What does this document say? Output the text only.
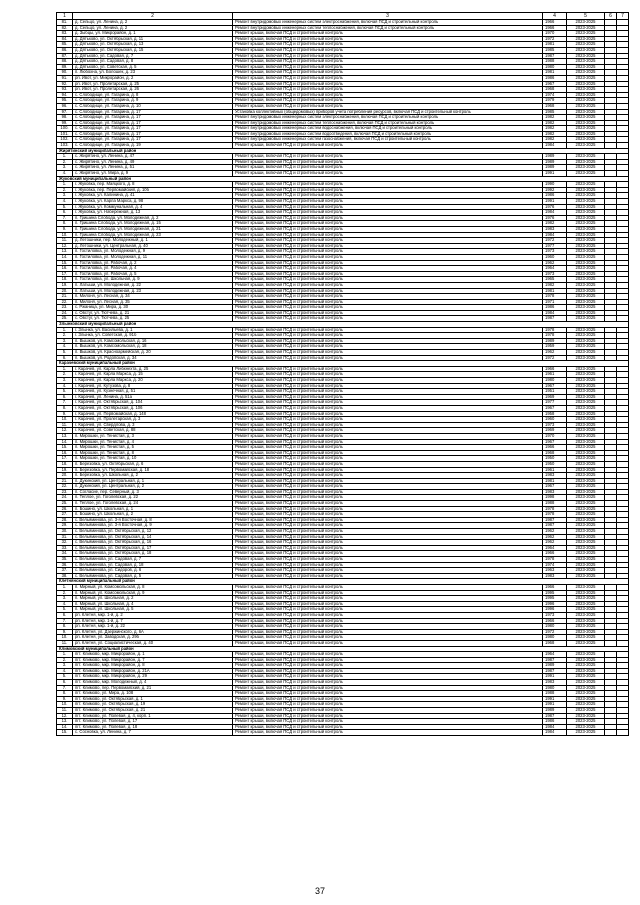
1	2	3	4	5	6	7
81.	д. Сельцо, ул. Ленина, д. 2	Ремонт внутридомовых инженерных систем электроснабжения, включая ПСД и строительный контроль	1966	2023-2025		
82.	д. Сельцо, ул. Ленина, д. 2	Ремонт внутридомовых инженерных систем теплоснабжения, включая ПСД и строительный контроль	1966	2023-2025		
83.	д. Зыбцы, ул. Микрорайон, д. 1	Ремонт крыши, включая ПСД и строительный контроль	1970	2023-2025		
84.	д. Дятьково, ул. Октябрьская, д. 11	Ремонт крыши, включая ПСД и строительный контроль	1972	2023-2025		
85.	д. Дятьково, ул. Октябрьская, д. 13	Ремонт крыши, включая ПСД и строительный контроль	1981	2023-2025		
86.	д. Дятьково, ул. Октябрьская, д. 15	Ремонт крыши, включая ПСД и строительный контроль	1985	2023-2025		
87.	д. Дятьково, ул. Садовая, д. 7	Ремонт крыши, включая ПСД и строительный контроль	1987	2023-2025		
88.	д. Дятьково, ул. Садовая, д. 8	Ремонт крыши, включая ПСД и строительный контроль	1988	2023-2025		
89.	д. Дятьково, ул. Советская, д. 5	Ремонт крыши, включая ПСД и строительный контроль	1980	2023-2025		
90.	п. Любохна, ул. Болошек, д. 23	Ремонт крыши, включая ПСД и строительный контроль	1981	2023-2025		
91.	рп. Ивот, ул. Микрорайон, д. 2	Ремонт крыши, включая ПСД и строительный контроль	1986	2023-2025		
92.	рп. Ивот, ул. Пролетарская, д. 25	Ремонт крыши, включая ПСД и строительный контроль	1967	2023-2025		
93.	рп. Ивот, ул. Пролетарская, д. 26	Ремонт крыши, включая ПСД и строительный контроль	1968	2023-2025		
94.	с. Слободище, ул. Гагарина, д. 8	Ремонт крыши, включая ПСД и строительный контроль	1974	2023-2025		
95.	с. Слободище, ул. Гагарина, д. 9	Ремонт крыши, включая ПСД и строительный контроль	1979	2023-2025		
96.	с. Слободище, ул. Гагарина, д. 10	Ремонт крыши, включая ПСД и строительный контроль	1968	2023-2025		
97.	с. Слободище, ул. Гагарина, д. 17	Установка коллективных (общедомовых) приборов учета потребления ресурсов, включая ПСД и строительный контроль	1985	2023-2025		
98.	с. Слободище, ул. Гагарина, д. 17	Ремонт внутридомовых инженерных систем электроснабжения, включая ПСД и строительный контроль	1982	2023-2025		
99.	с. Слободище, ул. Гагарина, д. 17	Ремонт внутридомовых инженерных систем теплоснабжения, включая ПСД и строительный контроль	1982	2023-2025		
100.	с. Слободище, ул. Гагарина, д. 17	Ремонт внутридомовых инженерных систем водоснабжения, включая ПСД и строительный контроль	1982	2023-2025		
101.	с. Слободище, ул. Гагарина, д. 17	Ремонт внутридомовых инженерных систем водоотведения, включая ПСД и строительный контроль	1982	2023-2025		
102.	с. Слободище, ул. Гагарина, д. 17	Ремонт внутридомовых инженерных систем газоснабжения, включая ПСД и строительный контроль	1982	2023-2025		
103.	с. Слободище, ул. Гагарина, д. 19	Ремонт крыши, включая ПСД и строительный контроль	1984	2023-2025		
Жирятинский муниципальный район						
1.	с. Жирятино, ул. Ленина, д. 47	Ремонт крыши, включая ПСД и строительный контроль	1989	2023-2025		
2.	с. Жирятино, ул. Ленина, д. 49	Ремонт крыши, включая ПСД и строительный контроль	1989	2023-2025		
3.	с. Жирятино, ул. Ленина, д. 51	Ремонт крыши, включая ПСД и строительный контроль	1989	2023-2025		
4.	с. Жирятино, ул. Мира, д. 9	Ремонт крыши, включая ПСД и строительный контроль	1991	2023-2025		
Жуковский муниципальный район						
1.	г. Жуковка, пер. Маяцкого, д. 8	Ремонт крыши, включая ПСД и строительный контроль	1990	2023-2025		
2.	г. Жуковка, пер. Первомайский, д. 10б	Ремонт крыши, включая ПСД и строительный контроль	1992	2023-2025		
3.	г. Жуковка, ул. Калинина, д. 41	Ремонт крыши, включая ПСД и строительный контроль	1986	2023-2025		
4.	г. Жуковка, ул. Карла Маркса, д. 98	Ремонт крыши, включая ПСД и строительный контроль	1991	2023-2025		
5.	г. Жуковка, ул. Коммунальная, д. 4	Ремонт крыши, включая ПСД и строительный контроль	1976	2023-2025		
6.	г. Жуковка, ул. Набережная, д. 13	Ремонт крыши, включая ПСД и строительный контроль	1984	2023-2025		
7.	п. Гришина Слобода, ул. Молодежная, д. 2	Ремонт крыши, включая ПСД и строительный контроль	1976	2023-2025		
8.	п. Гришина Слобода, ул. Молодежная, д. 15	Ремонт крыши, включая ПСД и строительный контроль	1982	2023-2025		
9.	п. Гришина Слобода, ул. Молодежная, д. 21	Ремонт крыши, включая ПСД и строительный контроль	1983	2023-2025		
10.	п. Гришина Слобода, ул. Молодежная, д. 23	Ремонт крыши, включая ПСД и строительный контроль	1984	2023-2025		
11.	д. Летошники, пер. Молодежный, д. 1	Ремонт крыши, включая ПСД и строительный контроль	1972	2023-2025		
12.	д. Летошники, ул. Центральная, д. 40	Ремонт крыши, включая ПСД и строительный контроль	1977	2023-2025		
13.	п. Гостиловка, ул. Молодежная, д. 9	Ремонт крыши, включая ПСД и строительный контроль	1973	2023-2025		
14.	п. Гостиловка, ул. Молодежная, д. 11	Ремонт крыши, включая ПСД и строительный контроль	1960	2023-2025		
15.	п. Гостиловка, ул. Рабочая, д. 2	Ремонт крыши, включая ПСД и строительный контроль	1962	2023-2025		
16.	п. Гостиловка, ул. Рабочая, д. 4	Ремонт крыши, включая ПСД и строительный контроль	1964	2023-2025		
17.	п. Гостиловка, ул. Рабочая, д. 5	Ремонт крыши, включая ПСД и строительный контроль	1973	2023-2025		
18.	п. Гостиловка, ул. Школьная, д. 9	Ремонт крыши, включая ПСД и строительный контроль	1965	2023-2025		
19.	п. Латыши, ул. Молодежная, д. 22	Ремонт крыши, включая ПСД и строительный контроль	1982	2023-2025		
20.	п. Латыши, ул. Молодежная, д. 23	Ремонт крыши, включая ПСД и строительный контроль	1981	2023-2025		
21.	п. Милоня, ул. Лесная, д. 34	Ремонт крыши, включая ПСД и строительный контроль	1978	2023-2025		
22.	п. Милоня, ул. Лесная, д. 35	Ремонт крыши, включая ПСД и строительный контроль	1971	2023-2025		
23.	с. Ржаница, ул. Мира, д. 30	Ремонт крыши, включая ПСД и строительный контроль	1986	2023-2025		
24.	с. Овстуг, ул. Тютчева, д. 21	Ремонт крыши, включая ПСД и строительный контроль	1984	2023-2025		
25.	с. Овстуг, ул. Тютчева, д. 25	Ремонт крыши, включая ПСД и строительный контроль	1987	2023-2025		
Злынковский муниципальный район						
1.	г. Злынка, ул. Васильева, д. 1	Ремонт крыши, включая ПСД и строительный контроль	1978	2023-2025		
2.	г. Злынка, ул. Советская, д. 91б	Ремонт крыши, включая ПСД и строительный контроль	1978	2023-2025		
3.	п. Вышков, ул. Комсомольская, д. 16	Ремонт крыши, включая ПСД и строительный контроль	1989	2023-2025		
4.	п. Вышков, ул. Комсомольская, д. 18	Ремонт крыши, включая ПСД и строительный контроль	1959	2023-2025		
5.	п. Вышков, ул. Красноармейская, д. 20	Ремонт крыши, включая ПСД и строительный контроль	1962	2023-2025		
6.	п. Вышков, ул. Родопская, д. 34	Ремонт крыши, включая ПСД и строительный контроль	1972	2023-2025		
Карачевский муниципальный район						
1.	г. Карачев, ул. Карла Либкнехта, д. 25	Ремонт крыши, включая ПСД и строительный контроль	1966	2023-2025		
2.	г. Карачев, ул. Карла Маркса, д. 15	Ремонт крыши, включая ПСД и строительный контроль	1961	2023-2025		
3.	г. Карачев, ул. Карла Маркса, д. 20	Ремонт крыши, включая ПСД и строительный контроль	1980	2023-2025		
4.	г. Карачев, ул. Кутузова, д. 8	Ремонт крыши, включая ПСД и строительный контроль	1967	2023-2025		
5.	г. Карачев, ул. Кузнечная, д. 51	Ремонт крыши, включая ПСД и строительный контроль	1951	2023-2025		
6.	г. Карачев, ул. Ленина, д. 51а	Ремонт крыши, включая ПСД и строительный контроль	1969	2023-2025		
7.	г. Карачев, ул. Октябрьская, д. 104	Ремонт крыши, включая ПСД и строительный контроль	1977	2023-2025		
8.	г. Карачев, ул. Октябрьская, д. 106	Ремонт крыши, включая ПСД и строительный контроль	1967	2023-2025		
9.	г. Карачев, ул. Первомайская, д. 148	Ремонт крыши, включая ПСД и строительный контроль	1958	2023-2025		
10.	г. Карачев, ул. Пролетарская, д. 3	Ремонт крыши, включая ПСД и строительный контроль	1960	2023-2025		
11.	г. Карачев, ул. Свердлова, д. 3	Ремонт крыши, включая ПСД и строительный контроль	1973	2023-2025		
12.	г. Карачев, ул. Советская, д. 88	Ремонт крыши, включая ПСД и строительный контроль	1969	2023-2025		
13.	п. Мирошки, ул. Тенистая, д. 3	Ремонт крыши, включая ПСД и строительный контроль	1970	2023-2025		
14.	п. Мирошки, ул. Тенистая, д. 4	Ремонт крыши, включая ПСД и строительный контроль	1967	2023-2025		
15.	п. Мирошки, ул. Тенистая, д. 5	Ремонт крыши, включая ПСД и строительный контроль	1966	2023-2025		
16.	п. Мирошки, ул. Тенистая, д. 8	Ремонт крыши, включая ПСД и строительный контроль	1968	2023-2025		
17.	п. Мирошки, ул. Тенистая, д. 10	Ремонт крыши, включая ПСД и строительный контроль	1950	2023-2025		
18.	п. Березовка, ул. Октябрьская, д. 6	Ремонт крыши, включая ПСД и строительный контроль	1950	2023-2025		
19.	п. Березовка, ул. Первомайская, д. 18	Ремонт крыши, включая ПСД и строительный контроль	1961	2023-2025		
20.	п. Березовка, ул. Школьная, д. 2	Ремонт крыши, включая ПСД и строительный контроль	1983	2023-2025		
21.	п. Дукинский, ул. Центральная, д. 1	Ремонт крыши, включая ПСД и строительный контроль	1981	2023-2025		
22.	п. Дукинский, ул. Центральная, д. 2	Ремонт крыши, включая ПСД и строительный контроль	1967	2023-2025		
23.	п. Согласие, пер. Северный, д. 3	Ремонт крыши, включая ПСД и строительный контроль	1983	2023-2025		
24.	п. Теплое, ул. Гоголевская, д. 22	Ремонт крыши, включая ПСД и строительный контроль	1998	2023-2025		
25.	п. Теплое, ул. Гоголевская, д. 24	Ремонт крыши, включая ПСД и строительный контроль	1988	2023-2025		
26.	п. Бошино, ул. Школьная, д. 1	Ремонт крыши, включая ПСД и строительный контроль	1978	2023-2025		
27.	п. Бошино, ул. Школьная, д. 2	Ремонт крыши, включая ПСД и строительный контроль	1978	2023-2025		
28.	с. Вельяминова, ул. 3-я Восточная, д. 8	Ремонт крыши, включая ПСД и строительный контроль	1987	2023-2025		
29.	с. Вельяминова, ул. 3-я Восточная, д. 9	Ремонт крыши, включая ПСД и строительный контроль	1987	2023-2025		
30.	с. Вельяминова, ул. Октябрьская, д. 12	Ремонт крыши, включая ПСД и строительный контроль	1962	2023-2025		
31.	с. Вельяминова, ул. Октябрьская, д. 14	Ремонт крыши, включая ПСД и строительный контроль	1962	2023-2025		
32.	с. Вельяминова, ул. Октябрьская, д. 16	Ремонт крыши, включая ПСД и строительный контроль	1962	2023-2025		
33.	с. Вельяминова, ул. Октябрьская, д. 17	Ремонт крыши, включая ПСД и строительный контроль	1964	2023-2025		
34.	с. Вельяминова, ул. Октябрьская, д. 18	Ремонт крыши, включая ПСД и строительный контроль	1966	2023-2025		
35.	с. Вельяминова, ул. Садовая, д. 7	Ремонт крыши, включая ПСД и строительный контроль	1978	2023-2025		
36.	с. Вельяминова, ул. Садовая, д. 18	Ремонт крыши, включая ПСД и строительный контроль	1974	2023-2025		
37.	с. Вельяминова, ул. Сидоров, д. 6	Ремонт крыши, включая ПСД и строительный контроль	1963	2023-2025		
38.	с. Вельяминова, ул. Садовая, д. 5	Ремонт крыши, включая ПСД и строительный контроль	1983	2023-2025		
Клетнянский муниципальный район						
1.	п. Мирный, ул. Комсомольская, д. 8	Ремонт крыши, включая ПСД и строительный контроль	1966	2023-2025		
2.	п. Мирный, ул. Комсомольская, д. 9	Ремонт крыши, включая ПСД и строительный контроль	1995	2023-2025		
3.	п. Мирный, ул. Школьная, д. 2	Ремонт крыши, включая ПСД и строительный контроль	1995	2023-2025		
4.	п. Мирный, ул. Школьная, д. 4	Ремонт крыши, включая ПСД и строительный контроль	1996	2023-2025		
5.	п. Мирный, ул. Школьная, д. 5	Ремонт крыши, включая ПСД и строительный контроль	1996	2023-2025		
6.	рп. Клетня, мкр. 1-й, д. 2	Ремонт крыши, включая ПСД и строительный контроль	1973	2023-2025		
7.	рп. Клетня, мкр. 1-й, д. 7	Ремонт крыши, включая ПСД и строительный контроль	1966	2023-2025		
8.	рп. Клетня, мкр. 1-й, д. 22	Ремонт крыши, включая ПСД и строительный контроль	1980	2023-2025		
9.	рп. Клетня, ул. Дзержинского, д. 6А	Ремонт крыши, включая ПСД и строительный контроль	1972	2023-2025		
10.	рп. Клетня, ул. Заводская, д. 29б	Ремонт крыши, включая ПСД и строительный контроль	1980	2023-2025		
11.	рп. Клетня, ул. Социалистическая, д. 40	Ремонт крыши, включая ПСД и строительный контроль	1968	2023-2025		
Климовский муниципальный район						
1.	пгт. Климово, мкр. Микрорайон, д. 1	Ремонт крыши, включая ПСД и строительный контроль	1964	2023-2025		
2.	пгт. Климово, мкр. Микрорайон, д. 7	Ремонт крыши, включая ПСД и строительный контроль	1987	2023-2025		
3.	пгт. Климово, мкр. Микрорайон, д. 8	Ремонт крыши, включая ПСД и строительный контроль	1989	2023-2025		
4.	пгт. Климово, мкр. Микрорайон, д. 21А	Ремонт крыши, включая ПСД и строительный контроль	1987	2023-2025		
5.	пгт. Климово, мкр. Микрорайон, д. 29	Ремонт крыши, включая ПСД и строительный контроль	1991	2023-2025		
6.	пгт. Климово, мкр. Молодежный, д. 4	Ремонт крыши, включая ПСД и строительный контроль	1983	2023-2025		
7.	пгт. Климово, пер. Первомайский, д. 21	Ремонт крыши, включая ПСД и строительный контроль	1980	2023-2025		
8.	пгт. Климово, ул. Мира, д. 108	Ремонт крыши, включая ПСД и строительный контроль	1988	2023-2025		
9.	пгт. Климово, ул. Октябрьская, д. 1	Ремонт крыши, включая ПСД и строительный контроль	1991	2023-2025		
10.	пгт. Климово, ул. Октябрьская, д. 19	Ремонт крыши, включая ПСД и строительный контроль	1991	2023-2025		
11.	пгт. Климово, ул. Октябрьская, д. 21	Ремонт крыши, включая ПСД и строительный контроль	1989	2023-2025		
12.	пгт. Климово, ул. Полевая, д. 4, корп. 1	Ремонт крыши, включая ПСД и строительный контроль	1987	2023-2025		
13.	пгт. Климово, ул. Полевая, д. 17	Ремонт крыши, включая ПСД и строительный контроль	1986	2023-2025		
14.	пгт. Климово, ул. Полевая, д. 18	Ремонт крыши, включая ПСД и строительный контроль	1984	2023-2025		
15.	с. Сосновка, ул. Ленина, д. 7	Ремонт крыши, включая ПСД и строительный контроль	1984	2023-2025		
37
